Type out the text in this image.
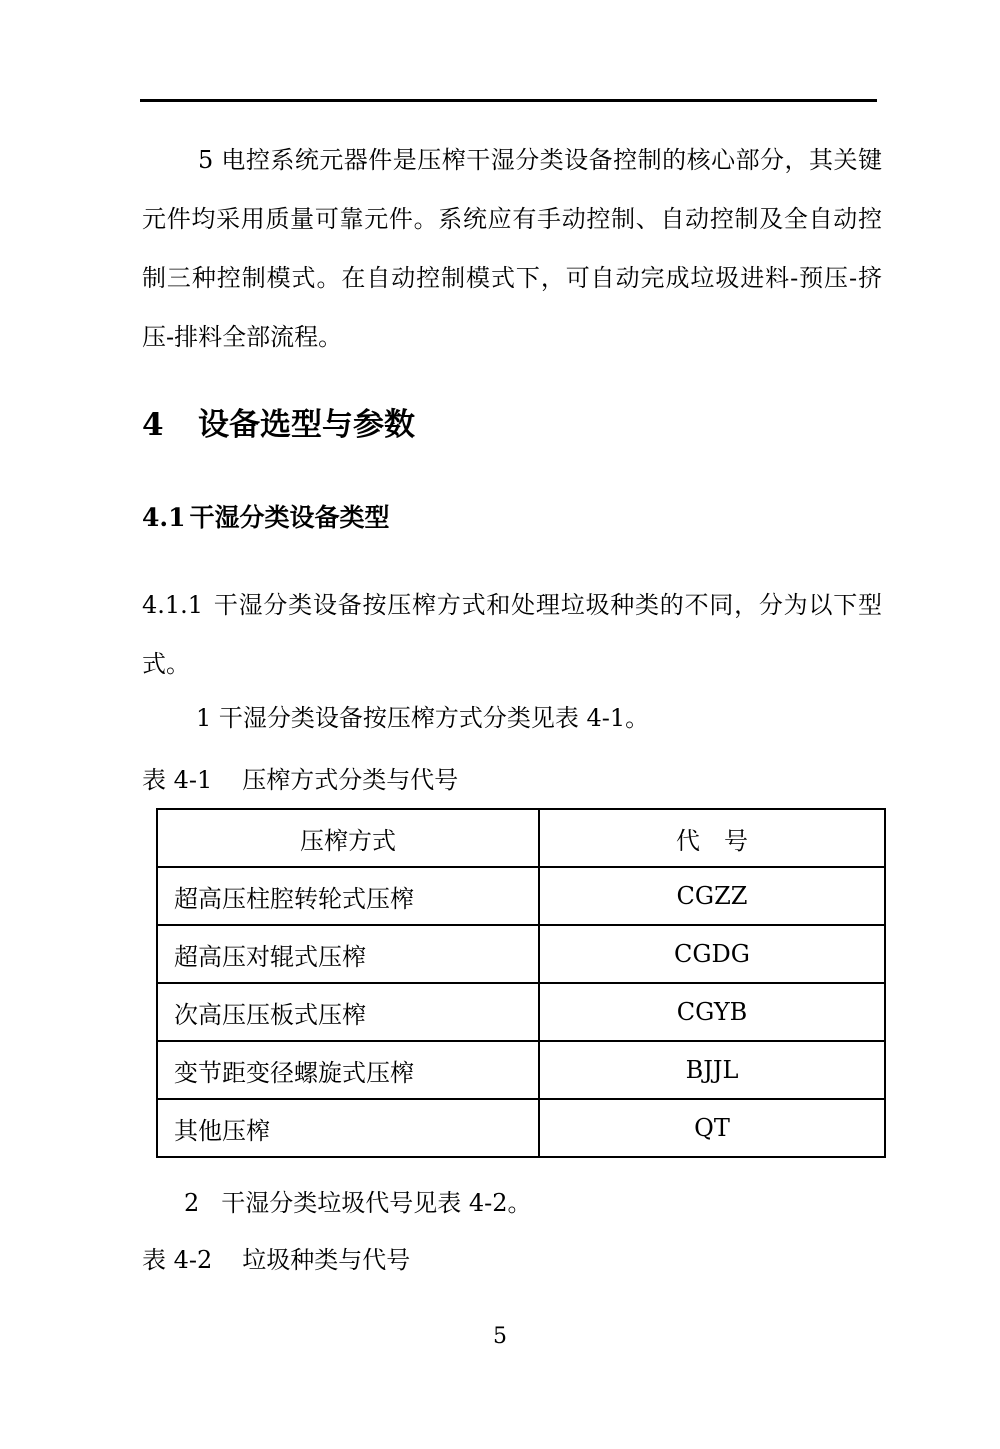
5 电控系统元器件是压榨干湿分类设备控制的核心部分，其关键元件均采用质量可靠元件。系统应有手动控制、自动控制及全自动控制三种控制模式。在自动控制模式下，可自动完成垃圾进料-预压-挤压-排料全部流程。

4 设备选型与参数
4.1 干湿分类设备类型

4.1.1 干湿分类设备按压榨方式和处理垃圾种类的不同，分为以下型式。

1 干湿分类设备按压榨方式分类见表 4-1。

表 4-1 压榨方式分类与代号

压榨方式	代　号
超高压柱腔转轮式压榨	CGZZ
超高压对辊式压榨	CGDG
次高压压板式压榨	CGYB
变节距变径螺旋式压榨	BJJL
其他压榨	QT

2 干湿分类垃圾代号见表 4-2。

表 4-2 垃圾种类与代号

5
